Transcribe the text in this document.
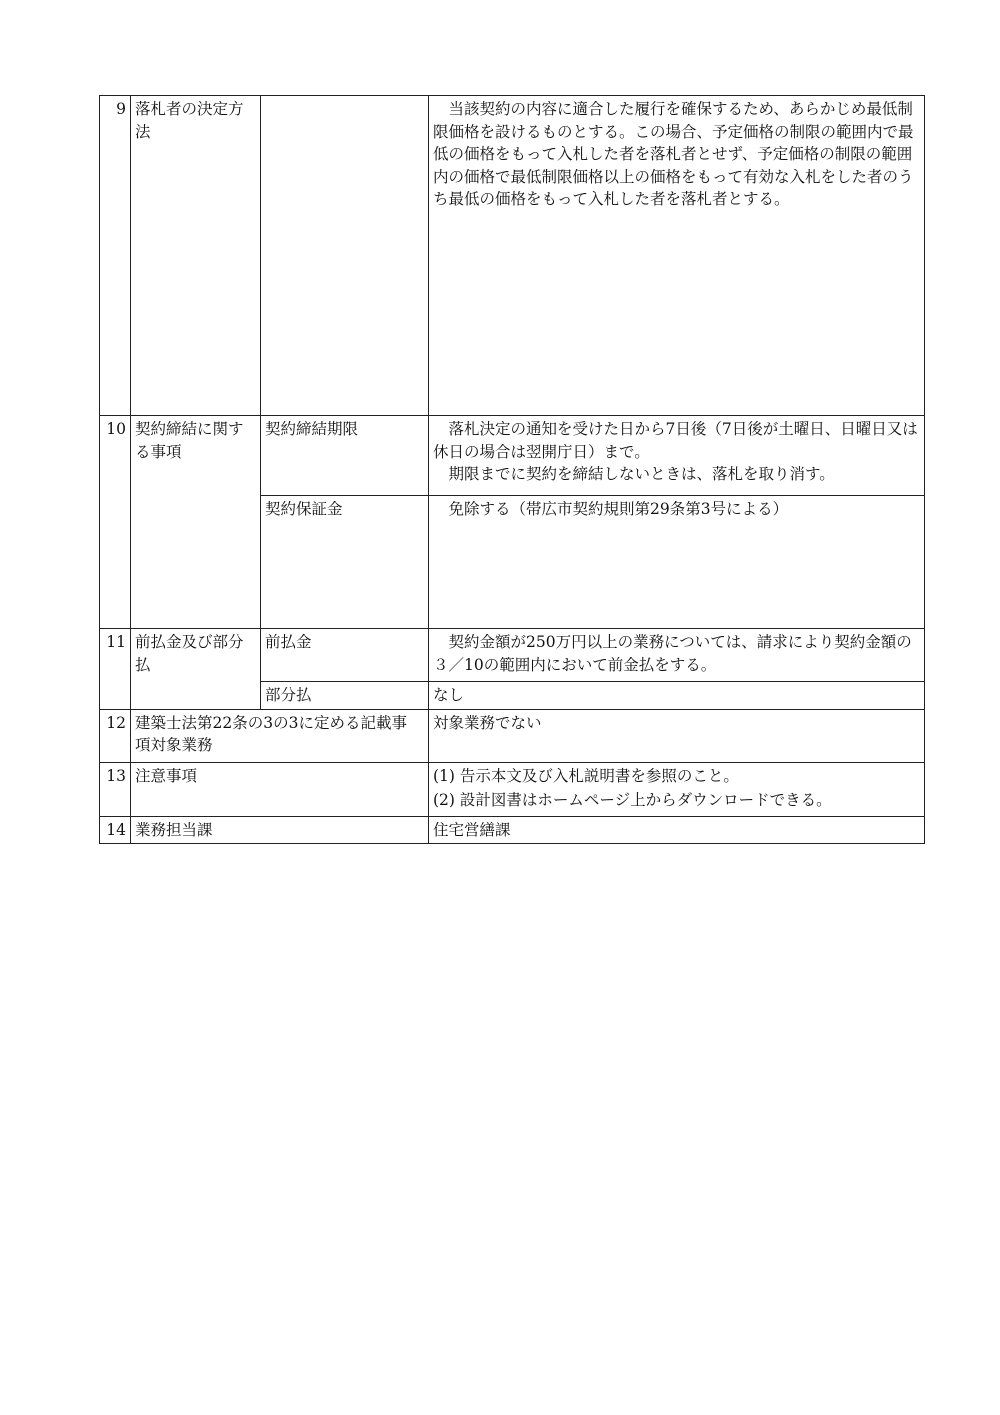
9	落札者の決定方法		当該契約の内容に適合した履行を確保するため、あらかじめ最低制限価格を設けるものとする。この場合、予定価格の制限の範囲内で最低の価格をもって入札した者を落札者とせず、予定価格の制限の範囲内の価格で最低制限価格以上の価格をもって有効な入札をした者のうち最低の価格をもって入札した者を落札者とする。
10	契約締結に関する事項	契約締結期限	落札決定の通知を受けた日から7日後（7日後が土曜日、日曜日又は休日の場合は翌開庁日）まで。
期限までに契約を締結しないときは、落札を取り消す。

		契約保証金	免除する（帯広市契約規則第29条第3号による）
11	前払金及び部分払	前払金	契約金額が250万円以上の業務については、請求により契約金額の３／10の範囲内において前金払をする。
		部分払	なし
12	建築士法第22条の3の3に定める記載事項対象業務		対象業務でない
13	注意事項		(1) 告示本文及び入札説明書を参照のこと。
(2) 設計図書はホームページ上からダウンロードできる。

14	業務担当課		住宅営繕課
